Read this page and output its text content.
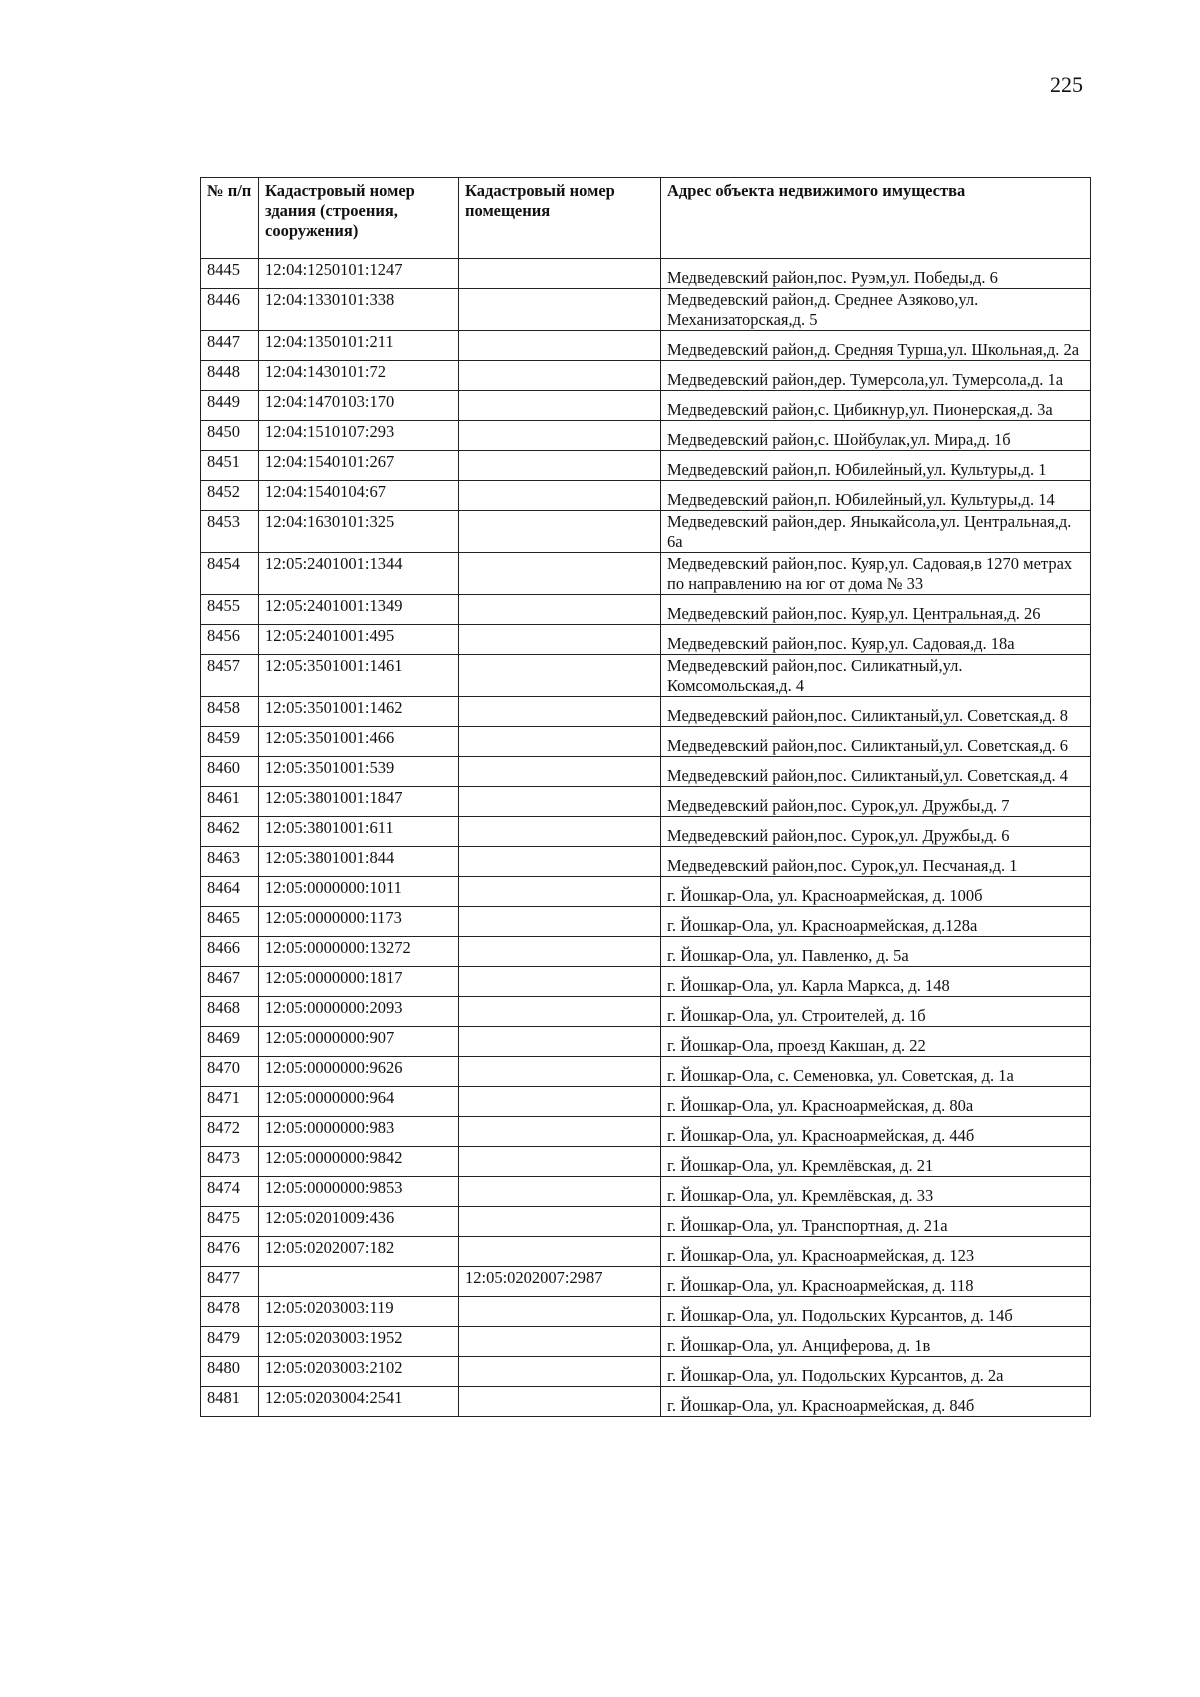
225
№ п/п	Кадастровый номер здания (строения, сооружения)	Кадастровый номер помещения	Адрес объекта недвижимого имущества
8445	12:04:1250101:1247		Медведевский район,пос. Руэм,ул. Победы,д. 6
8446	12:04:1330101:338		Медведевский район,д. Среднее Азяково,ул. Механизаторская,д. 5
8447	12:04:1350101:211		Медведевский район,д. Средняя Турша,ул. Школьная,д. 2а
8448	12:04:1430101:72		Медведевский район,дер. Тумерсола,ул. Тумерсола,д. 1а
8449	12:04:1470103:170		Медведевский район,с. Цибикнур,ул. Пионерская,д. 3а
8450	12:04:1510107:293		Медведевский район,с. Шойбулак,ул. Мира,д. 1б
8451	12:04:1540101:267		Медведевский район,п. Юбилейный,ул. Культуры,д. 1
8452	12:04:1540104:67		Медведевский район,п. Юбилейный,ул. Культуры,д. 14
8453	12:04:1630101:325		Медведевский район,дер. Яныкайсола,ул. Центральная,д. 6а
8454	12:05:2401001:1344		Медведевский район,пос. Куяр,ул. Садовая,в 1270 метрах по направлению на юг от дома № 33
8455	12:05:2401001:1349		Медведевский район,пос. Куяр,ул. Центральная,д. 26
8456	12:05:2401001:495		Медведевский район,пос. Куяр,ул. Садовая,д. 18а
8457	12:05:3501001:1461		Медведевский район,пос. Силикатный,ул. Комсомольская,д. 4
8458	12:05:3501001:1462		Медведевский район,пос. Силиктаный,ул. Советская,д. 8
8459	12:05:3501001:466		Медведевский район,пос. Силиктаный,ул. Советская,д. 6
8460	12:05:3501001:539		Медведевский район,пос. Силиктаный,ул. Советская,д. 4
8461	12:05:3801001:1847		Медведевский район,пос. Сурок,ул. Дружбы,д. 7
8462	12:05:3801001:611		Медведевский район,пос. Сурок,ул. Дружбы,д. 6
8463	12:05:3801001:844		Медведевский район,пос. Сурок,ул. Песчаная,д. 1
8464	12:05:0000000:1011		г. Йошкар-Ола, ул. Красноармейская, д. 100б
8465	12:05:0000000:1173		г. Йошкар-Ола, ул. Красноармейская, д.128а
8466	12:05:0000000:13272		г. Йошкар-Ола, ул. Павленко, д. 5а
8467	12:05:0000000:1817		г. Йошкар-Ола, ул. Карла Маркса, д. 148
8468	12:05:0000000:2093		г. Йошкар-Ола, ул. Строителей, д. 1б
8469	12:05:0000000:907		г. Йошкар-Ола, проезд Какшан, д. 22
8470	12:05:0000000:9626		г. Йошкар-Ола, с. Семеновка, ул. Советская, д. 1а
8471	12:05:0000000:964		г. Йошкар-Ола, ул. Красноармейская, д. 80а
8472	12:05:0000000:983		г. Йошкар-Ола, ул. Красноармейская, д. 44б
8473	12:05:0000000:9842		г. Йошкар-Ола, ул. Кремлёвская, д. 21
8474	12:05:0000000:9853		г. Йошкар-Ола, ул. Кремлёвская, д. 33
8475	12:05:0201009:436		г. Йошкар-Ола, ул. Транспортная, д. 21а
8476	12:05:0202007:182		г. Йошкар-Ола, ул. Красноармейская, д. 123
8477		12:05:0202007:2987	г. Йошкар-Ола, ул. Красноармейская, д. 118
8478	12:05:0203003:119		г. Йошкар-Ола, ул. Подольских Курсантов, д. 14б
8479	12:05:0203003:1952		г. Йошкар-Ола, ул. Анциферова, д. 1в
8480	12:05:0203003:2102		г. Йошкар-Ола, ул. Подольских Курсантов, д. 2а
8481	12:05:0203004:2541		г. Йошкар-Ола, ул. Красноармейская, д. 84б
